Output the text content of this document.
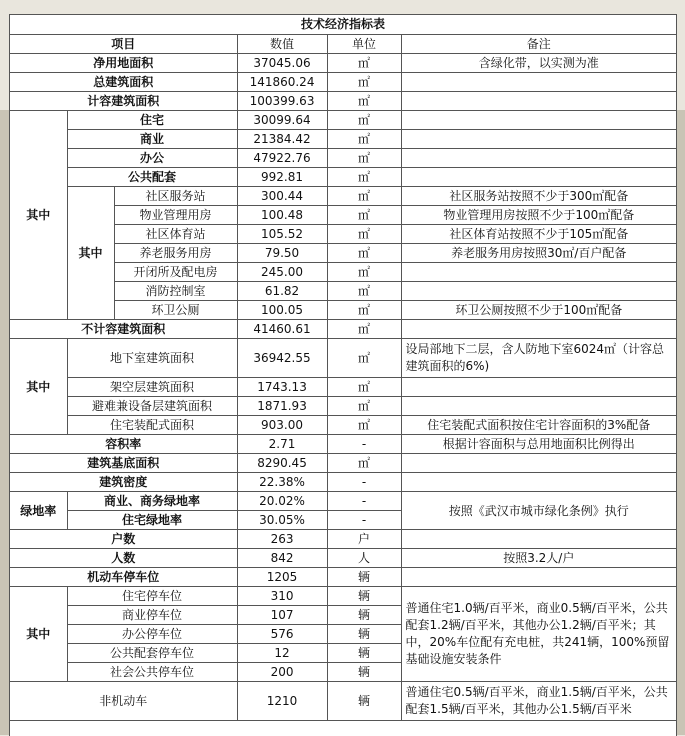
技术经济指标表
项目			数值	单位	备注
净用地面积			37045.06	㎡	含绿化带，以实测为准
总建筑面积			141860.24	㎡	
计容建筑面积			100399.63	㎡	
其中	住宅		30099.64	㎡	
	商业		21384.42	㎡	
	办公		47922.76	㎡	
	公共配套		992.81	㎡	
	其中	社区服务站	300.44	㎡	社区服务站按照不少于300㎡配备
		物业管理用房	100.48	㎡	物业管理用房按照不少于100㎡配备
		社区体育站	105.52	㎡	社区体育站按照不少于105㎡配备
		养老服务用房	79.50	㎡	养老服务用房按照30㎡/百户配备
		开闭所及配电房	245.00	㎡	
		消防控制室	61.82	㎡	
		环卫公厕	100.05	㎡	环卫公厕按照不少于100㎡配备
不计容建筑面积			41460.61	㎡	
其中	地下室建筑面积		36942.55	㎡	设局部地下二层，含人防地下室6024㎡（计容总建筑面积的6%)
	架空层建筑面积		1743.13	㎡	
	避难兼设备层建筑面积		1871.93	㎡	
	住宅装配式面积		903.00	㎡	住宅装配式面积按住宅计容面积的3%配备
容积率			2.71	-	根据计容面积与总用地面积比例得出
建筑基底面积			8290.45	㎡	
建筑密度			22.38%	-	
绿地率	商业、商务绿地率		20.02%	-	按照《武汉市城市绿化条例》执行
	住宅绿地率		30.05%	-	
户数			263	户	
人数			842	人	按照3.2人/户
机动车停车位			1205	辆	
其中	住宅停车位		310	辆	普通住宅1.0辆/百平米，商业0.5辆/百平米，公共配套1.2辆/百平米，其他办公1.2辆/百平米；其中，20%车位配有充电桩，共241辆，100%预留基础设施安装条件
	商业停车位		107	辆	
	办公停车位		576	辆	
	公共配套停车位		12	辆	
	社会公共停车位		200	辆	
非机动车			1210	辆	普通住宅0.5辆/百平米，商业1.5辆/百平米，公共配套1.5辆/百平米，其他办公1.5辆/百平米
